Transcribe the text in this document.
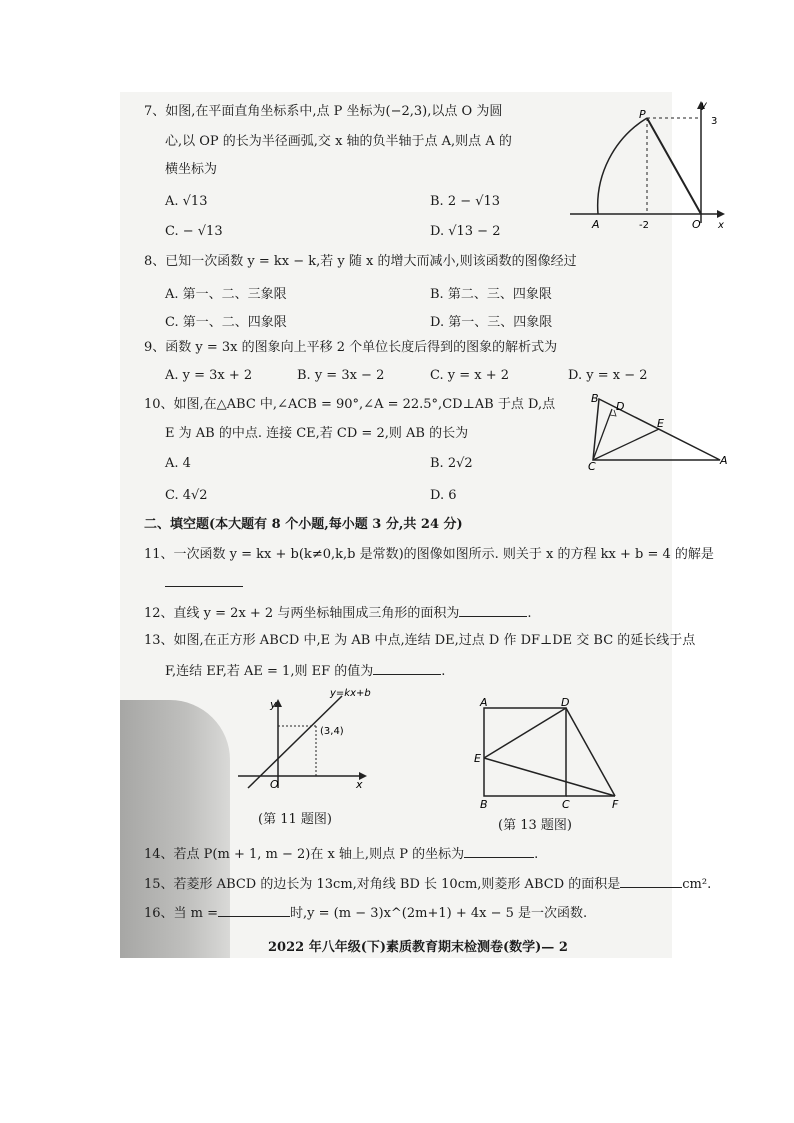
7、如图,在平面直角坐标系中,点 P 坐标为(−2,3),以点 O 为圆
心,以 OP 的长为半径画弧,交 x 轴的负半轴于点 A,则点 A 的
横坐标为
A. √13	B. 2 − √13
C. − √13	D. √13 − 2
P
y
3
A	-2	O x
8、已知一次函数 y = kx − k,若 y 随 x 的增大而减小,则该函数的图像经过
A. 第一、二、三象限	B. 第二、三、四象限
C. 第一、二、四象限	D. 第一、三、四象限
9、函数 y = 3x 的图象向上平移 2 个单位长度后得到的图象的解析式为
A. y = 3x + 2	B. y = 3x − 2	C. y = x + 2	D. y = x − 2
10、如图,在△ABC 中,∠ACB = 90°,∠A = 22.5°,CD⊥AB 于点 D,点
E 为 AB 的中点. 连接 CE,若 CD = 2,则 AB 的长为
A. 4	B. 2√2
C. 4√2	D. 6
B
D
E
C	A
二、填空题(本大题有 8 个小题,每小题 3 分,共 24 分)
11、一次函数 y = kx + b(k≠0,k,b 是常数)的图像如图所示. 则关于 x 的方程 kx + b = 4 的解是
12、直线 y = 2x + 2 与两坐标轴围成三角形的面积为	.
13、如图,在正方形 ABCD 中,E 为 AB 中点,连结 DE,过点 D 作 DF⊥DE 交 BC 的延长线于点
F,连结 EF,若 AE = 1,则 EF 的值为	.
y=kx+b
y
(3,4)
O	x
(第 11 题图)
A	D
E
B	C	F
(第 13 题图)
14、若点 P(m + 1, m − 2)在 x 轴上,则点 P 的坐标为	.
15、若菱形 ABCD 的边长为 13cm,对角线 BD 长 10cm,则菱形 ABCD 的面积是	cm².
16、当 m =	时,y = (m − 3)x^(2m+1) + 4x − 5 是一次函数.
2022 年八年级(下)素质教育期末检测卷(数学)— 2
